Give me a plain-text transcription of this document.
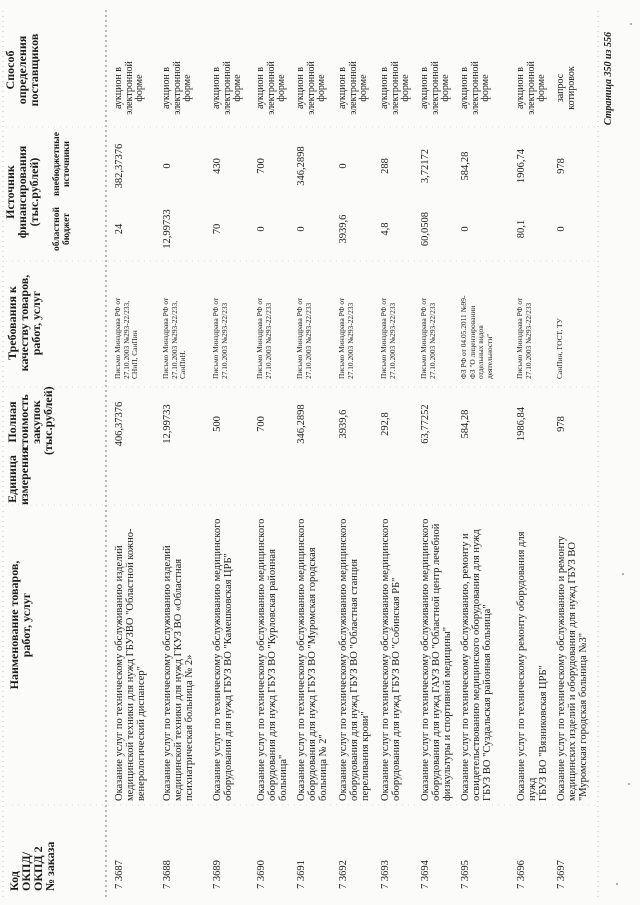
Код
ОКПД/
ОКПД 2
№ заказа
Наименование товаров,
работ, услуг
Единица
измерения
Полная
стоимость
закупок
(тыс.рублей)
Требования к
качеству товаров,
работ, услуг
Источник
финансирования
(тыс.рублей)
областной бюджет
внебюджетные источники
Способ
определения
поставщиков
7 3687
Оказание услуг по техническому обслуживанию изделий медицинской техники для нужд ГБУЗВО "Областной кожно- венерологический диспансер"
406,37376
Письмо Минздрава РФ от 27.10.2003 №293-22/233, СНиП, СанПин
24
382,37376
аукцион в электронной форме
7 3688
Оказание услуг по техническому обслуживанию изделий медицинской техники для нужд ГКУЗ ВО «Областная психиатрическая больница № 2»
12,99733
Письмо Минздрава РФ от 27.10.2003 №293-22/233, СанПиН.
12,99733
0
аукцион в электронной форме
7 3689
Оказание услуг по техническому обслуживанию медицинского оборудования для нужд ГБУЗ ВО "Камешковская ЦРБ"
500
Письмо Минздрава РФ от 27.10.2003 №293-22/233
70
430
аукцион в электронной форме
7 3690
Оказание услуг по техническому обслуживанию медицинского оборудования для нужд ГБУЗ ВО "Курловская районная больница"
700
Письмо Минздрава РФ от 27.10.2003 №293-22/233
0
700
аукцион в электронной форме
7 3691
Оказание услуг по техническому обслуживанию медицинского оборудования для нужд ГБУЗ ВО "Муромская городская больница № 2"
346,2898
Письмо Минздрава РФ от 27.10.2003 №293-22/233
0
346,2898
аукцион в электронной форме
7 3692
Оказание услуг по техническому обслуживанию медицинского оборудования для нужд ГБУЗ ВО "Областная станция переливания крови"
3939,6
Письмо Минздрава РФ от 27.10.2003 №293-22/233
3939,6
0
аукцион в электронной форме
7 3693
Оказание услуг по техническому обслуживанию медицинского оборудования для нужд ГБУЗ ВО "Собинская РБ"
292,8
Письмо Минздрава РФ от 27.10.2003 №293-22/233
4,8
288
аукцион в электронной форме
7 3694
Оказание услуг по техническому обслуживанию медицинского оборудования для нужд ГАУЗ ВО "Областной центр лечебной физкультуры и спортивной медицины"
63,77252
Письмо Минздрава РФ от 27.10.2003 №293-22/233
60,0508
3,72172
аукцион в электронной форме
7 3695
Оказание услуг по техническому обслуживанию, ремонту и освидетельствованию медицинского оборудования для нужд ГБУЗ ВО "Суздальская районная больница"
584,28
ФЗ РФ от 04.05.2011 №99- ФЗ "О лицензировании отдельных видов деятельности"
0
584,28
аукцион в электронной форме
7 3696
Оказание услуг по техническому ремонту оборудования для нужд ГБУЗ ВО "Вязниковская ЦРБ"
1986,84
Письмо Минздрава РФ от 27.10.2003 №293-22/233
80,1
1906,74
аукцион в электронной форме
7 3697
Оказание услуг по техническому обслуживанию и ремонту медицинских изделий и оборудования для нужд ГБУЗ ВО "Муромская городская больница №3"
978
СанПин, ГОСТ, ТУ
0
978
запрос котировок	Страница 350 из 556
